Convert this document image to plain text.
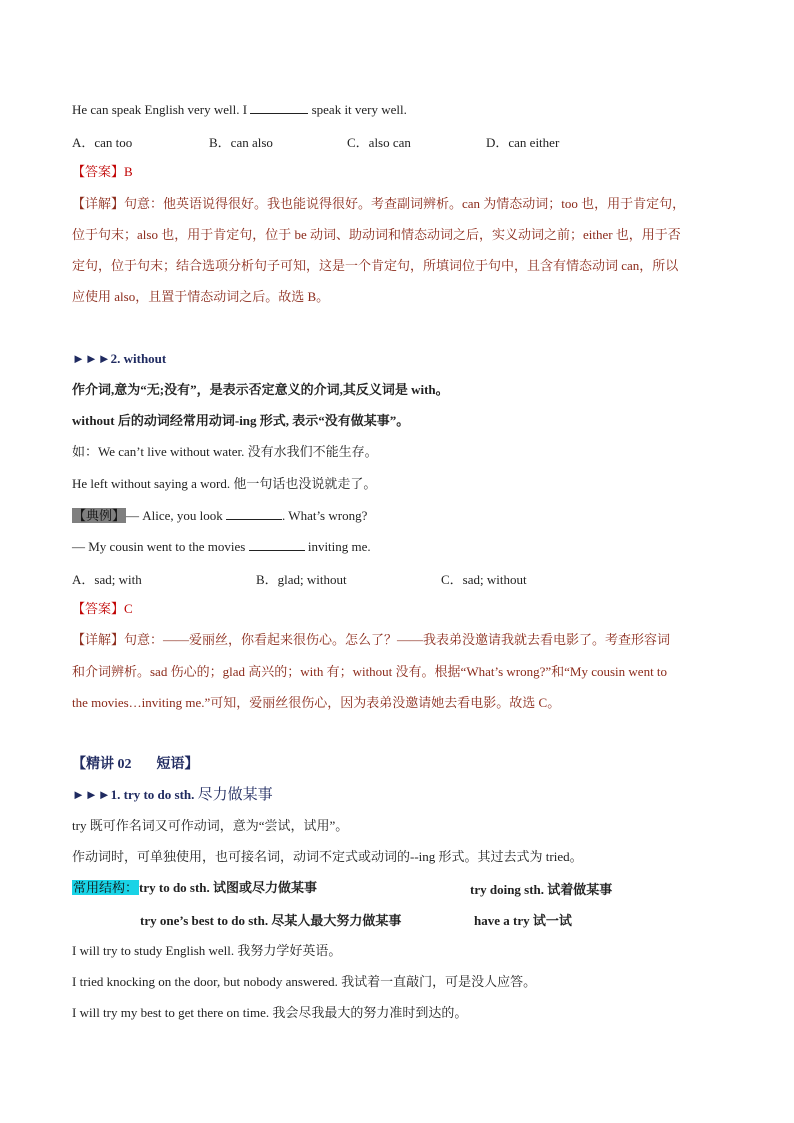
He can speak English very well. I	speak it very well.
A．can too	B．can also	C．also can	D．can either
【答案】B
【详解】句意：他英语说得很好。我也能说得很好。考查副词辨析。can 为情态动词；too 也，用于肯定句，
位于句末；also 也，用于肯定句，位于 be 动词、助动词和情态动词之后，实义动词之前；either 也，用于否
定句，位于句末；结合选项分析句子可知，这是一个肯定句，所填词位于句中，且含有情态动词 can，所以
应使用 also，且置于情态动词之后。故选 B。
►►►2. without
作介词,意为“无;没有”，是表示否定意义的介词,其反义词是 with。
without 后的动词经常用动词-ing 形式, 表示“没有做某事”。
如：We can’t live without water. 没有水我们不能生存。
He left without saying a word. 他一句话也没说就走了。
【典例】— Alice, you look	. What’s wrong?
— My cousin went to the movies	inviting me.
A．sad; with	B．glad; without	C．sad; without
【答案】C
【详解】句意：——爱丽丝，你看起来很伤心。怎么了？——我表弟没邀请我就去看电影了。考查形容词
和介词辨析。sad 伤心的；glad 高兴的；with 有；without 没有。根据“What’s wrong?”和“My cousin went to
the movies…inviting me.”可知，爱丽丝很伤心，因为表弟没邀请她去看电影。故选 C。
【精讲 02 短语】
►►►1. try to do sth. 尽力做某事
try 既可作名词又可作动词，意为“尝试，试用”。
作动词时，可单独使用，也可接名词，动词不定式或动词的--ing 形式。其过去式为 tried。
常用结构：try to do sth. 试图或尽力做某事	try doing sth. 试着做某事
try one’s best to do sth. 尽某人最大努力做某事	have a try 试一试
I will try to study English well. 我努力学好英语。
I tried knocking on the door, but nobody answered. 我试着一直敲门，可是没人应答。
I will try my best to get there on time. 我会尽我最大的努力准时到达的。
